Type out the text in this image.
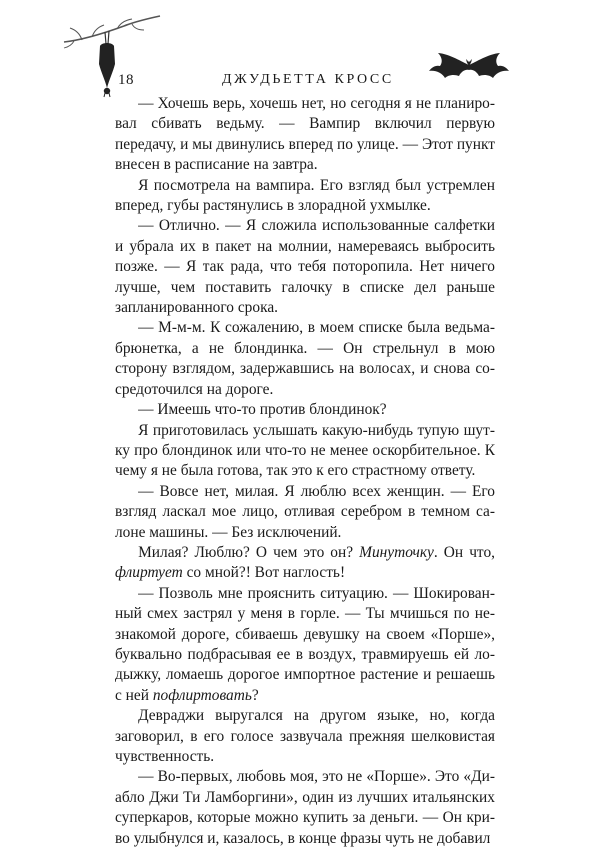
18	ДЖУДЬЕТТА КРОСС

— Хочешь верь, хочешь нет, но сегодня я не планировал сбивать ведьму. — Вампир включил первую передачу, и мы двинулись вперед по улице. — Этот пункт внесен в расписание на завтра.

Я посмотрела на вампира. Его взгляд был устремлен вперед, губы растянулись в злорадной ухмылке.

— Отлично. — Я сложила использованные салфетки и убрала их в пакет на молнии, намереваясь выбросить позже. — Я так рада, что тебя поторопила. Нет ничего лучше, чем поставить галочку в списке дел раньше запланированного срока.

— М-м-м. К сожалению, в моем списке была ведьма-брюнетка, а не блондинка. — Он стрельнул в мою сторону взглядом, задержавшись на волосах, и снова сосредоточился на дороге.

— Имеешь что-то против блондинок?

Я приготовилась услышать какую-нибудь тупую шутку про блондинок или что-то не менее оскорбительное. К чему я не была готова, так это к его страстному ответу.

— Вовсе нет, милая. Я люблю всех женщин. — Его взгляд ласкал мое лицо, отливая серебром в темном салоне машины. — Без исключений.

Милая? Люблю? О чем это он? Минуточку. Он что, флиртует со мной?! Вот наглость!

— Позволь мне прояснить ситуацию. — Шокированный смех застрял у меня в горле. — Ты мчишься по незнакомой дороге, сбиваешь девушку на своем «Порше», буквально подбрасывая ее в воздух, травмируешь ей лодыжку, ломаешь дорогое импортное растение и решаешь с ней пофлиртовать?

Девраджи выругался на другом языке, но, когда заговорил, в его голосе зазвучала прежняя шелковистая чувственность.

— Во-первых, любовь моя, это не «Порше». Это «Диабло Джи Ти Ламборгини», один из лучших итальянских суперкаров, которые можно купить за деньги. — Он криво улыбнулся и, казалось, в конце фразы чуть не добавил
